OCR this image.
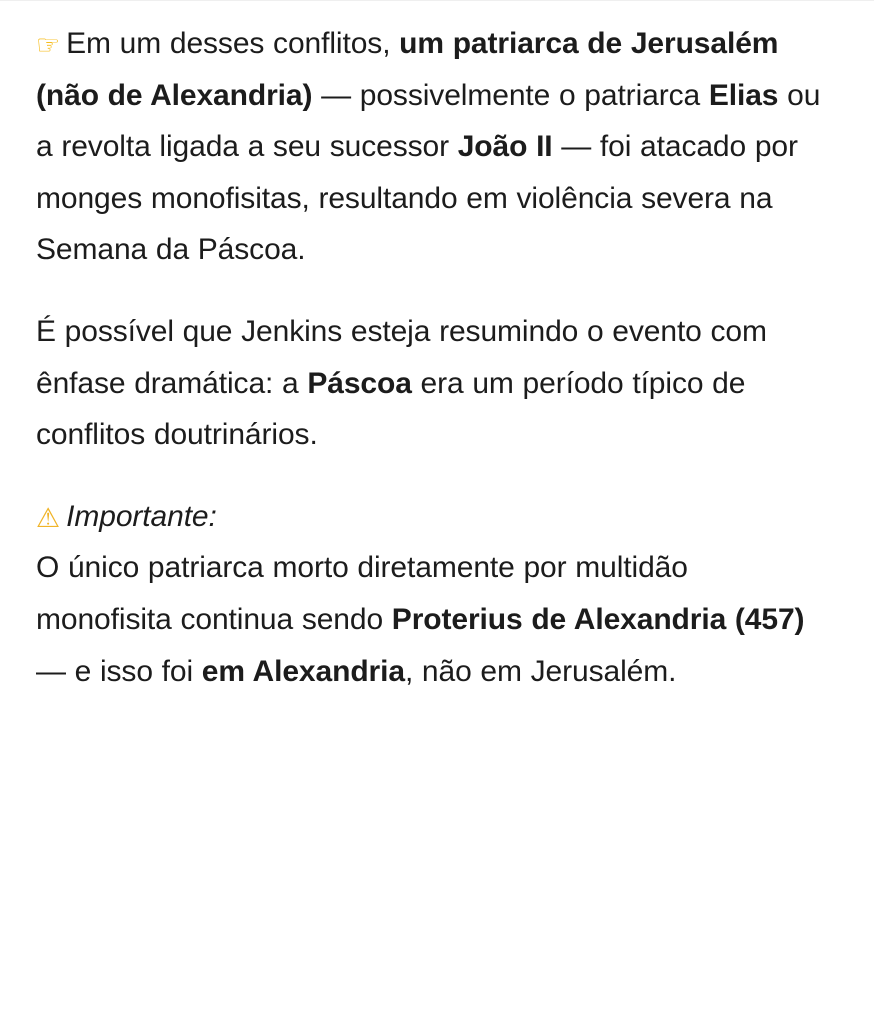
☞ Em um desses conflitos, um patriarca de Jerusalém (não de Alexandria) — possivelmente o patriarca Elias ou a revolta ligada a seu sucessor João II — foi atacado por monges monofisitas, resultando em violência severa na Semana da Páscoa.

É possível que Jenkins esteja resumindo o evento com ênfase dramática: a Páscoa era um período típico de conflitos doutrinários.

⚠ Importante:

O único patriarca morto diretamente por multidão monofisita continua sendo Proterius de Alexandria (457) — e isso foi em Alexandria, não em Jerusalém.
